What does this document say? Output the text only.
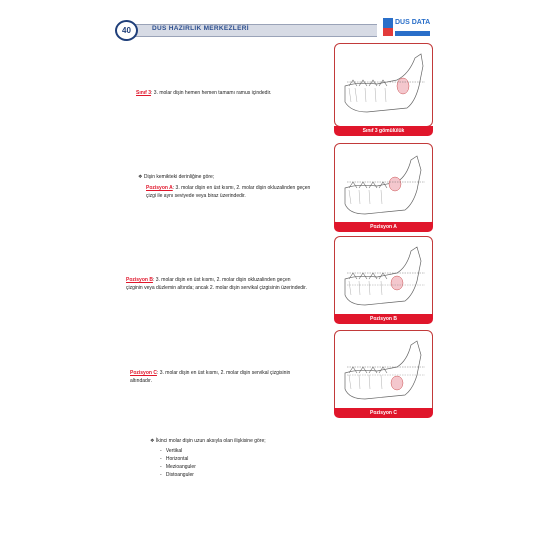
40	DUS HAZIRLIK MERKEZLERİ
DUS DATA
Sınıf 3: 3. molar dişin hemen hemen tamamı ramus içindedir.
Sınıf 3 gömülülük
❖ Dişin kemikteki derinliğine göre;
Pozisyon A: 3. molar dişin en üst kısmı, 2. molar dişin okluzalinden geçen
çizgi ile aynı seviyede veya biraz üzerindedir.
Pozisyon A
Pozisyon B: 3. molar dişin en üst kısmı, 2. molar dişin okluzalinden geçen
çizginin veya düzlemin altında; ancak 2. molar dişin servikal çizgisinin üzerindedir.
Pozisyon B
Pozisyon C: 3. molar dişin en üst kısmı, 2. molar dişin servikal çizgisinin
altındadır.
Pozisyon C
❖ İkinci molar dişin uzun aksıyla olan ilişkisine göre;
-   Vertikal
-   Horizontal
-   Mezioanguler
-   Distoanguler
